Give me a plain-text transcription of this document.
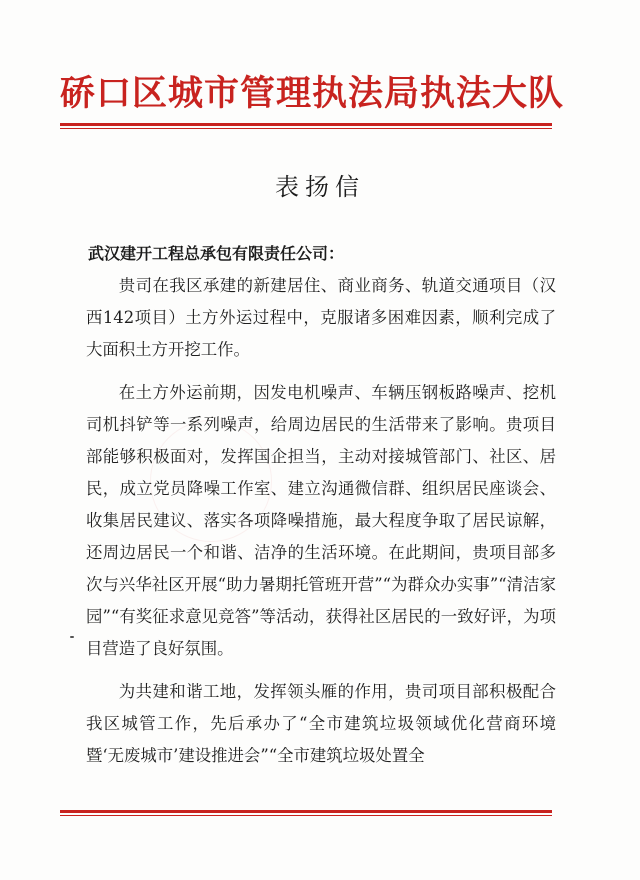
硚口区城市管理执法局执法大队
表扬信
武汉建开工程总承包有限责任公司：

贵司在我区承建的新建居住、商业商务、轨道交通项目（汉西142项目）土方外运过程中，克服诸多困难因素，顺利完成了大面积土方开挖工作。

在土方外运前期，因发电机噪声、车辆压钢板路噪声、挖机司机抖铲等一系列噪声，给周边居民的生活带来了影响。贵项目部能够积极面对，发挥国企担当，主动对接城管部门、社区、居民，成立党员降噪工作室、建立沟通微信群、组织居民座谈会、收集居民建议、落实各项降噪措施，最大程度争取了居民谅解，还周边居民一个和谐、洁净的生活环境。在此期间，贵项目部多次与兴华社区开展“助力暑期托管班开营”“为群众办实事”“清洁家园”“有奖征求意见竞答”等活动，获得社区居民的一致好评，为项目营造了良好氛围。

为共建和谐工地，发挥领头雁的作用，贵司项目部积极配合我区城管工作，先后承办了“全市建筑垃圾领域优化营商环境暨‘无废城市’建设推进会”“全市建筑垃圾处置全
